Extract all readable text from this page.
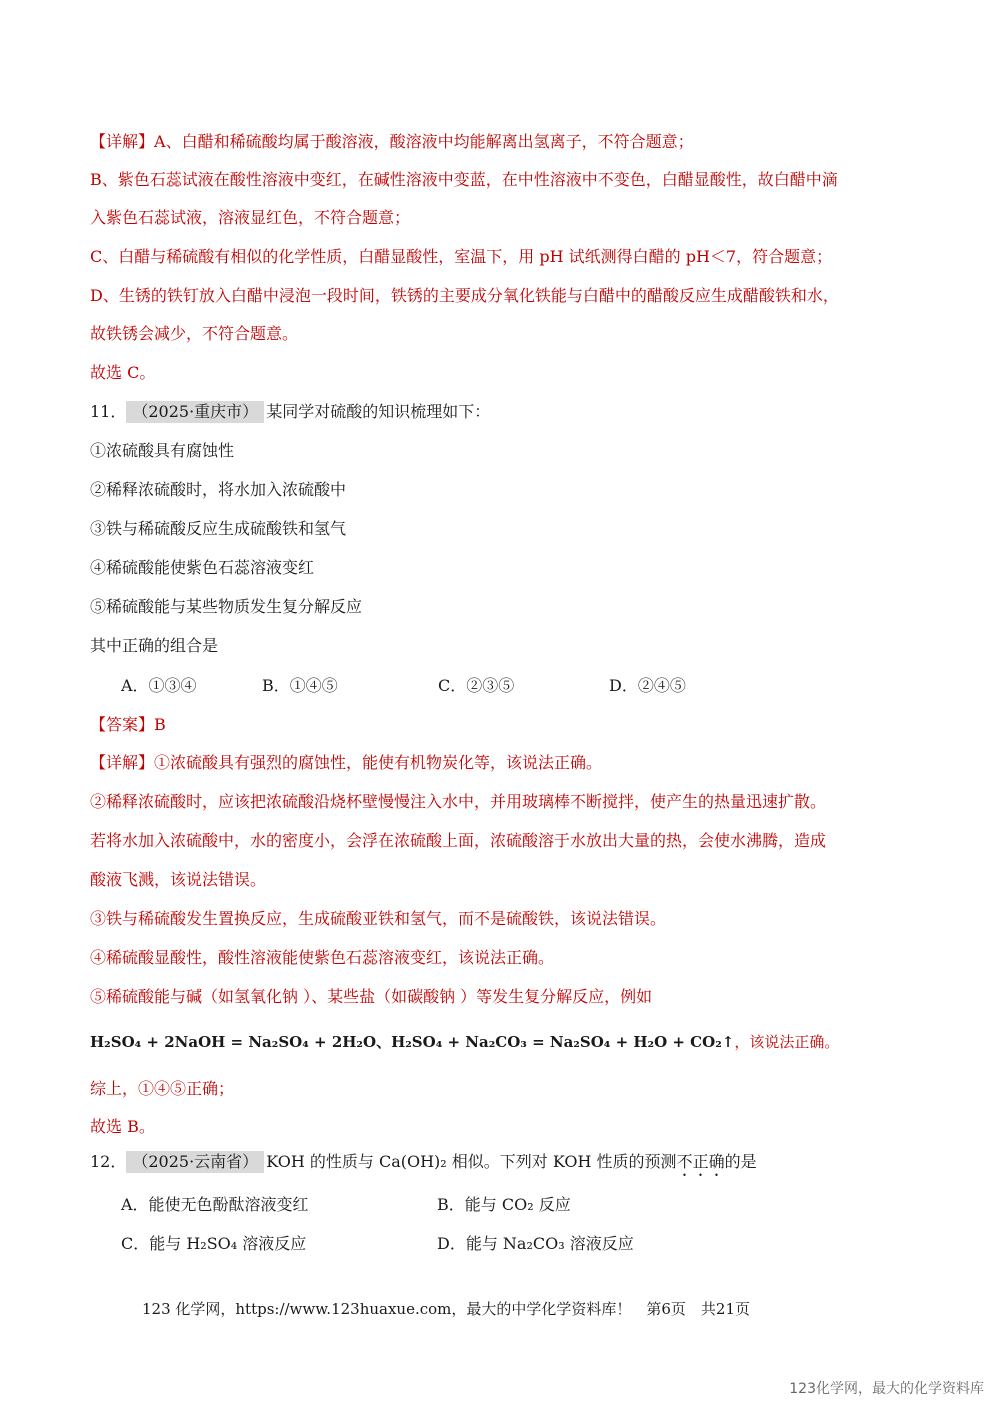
【详解】A、白醋和稀硫酸均属于酸溶液，酸溶液中均能解离出氢离子，不符合题意；
B、紫色石蕊试液在酸性溶液中变红，在碱性溶液中变蓝，在中性溶液中不变色，白醋显酸性，故白醋中滴
入紫色石蕊试液，溶液显红色，不符合题意；
C、白醋与稀硫酸有相似的化学性质，白醋显酸性，室温下，用 pH 试纸测得白醋的 pH＜7，符合题意；
D、生锈的铁钉放入白醋中浸泡一段时间，铁锈的主要成分氧化铁能与白醋中的醋酸反应生成醋酸铁和水，
故铁锈会减少，不符合题意。
故选 C。
11． （2025·重庆市） 某同学对硫酸的知识梳理如下：
①浓硫酸具有腐蚀性
②稀释浓硫酸时，将水加入浓硫酸中
③铁与稀硫酸反应生成硫酸铁和氢气
④稀硫酸能使紫色石蕊溶液变红
⑤稀硫酸能与某些物质发生复分解反应
其中正确的组合是
A．①③④	B．①④⑤	C．②③⑤	D．②④⑤
【答案】B
【详解】①浓硫酸具有强烈的腐蚀性，能使有机物炭化等，该说法正确。
②稀释浓硫酸时，应该把浓硫酸沿烧杯壁慢慢注入水中，并用玻璃棒不断搅拌，使产生的热量迅速扩散。
若将水加入浓硫酸中，水的密度小，会浮在浓硫酸上面，浓硫酸溶于水放出大量的热，会使水沸腾，造成
酸液飞溅，该说法错误。
③铁与稀硫酸发生置换反应，生成硫酸亚铁和氢气，而不是硫酸铁，该说法错误。
④稀硫酸显酸性，酸性溶液能使紫色石蕊溶液变红，该说法正确。
⑤稀硫酸能与碱（如氢氧化钠 ）、某些盐（如碳酸钠 ）等发生复分解反应，例如
H₂SO₄ + 2NaOH = Na₂SO₄ + 2H₂O、H₂SO₄ + Na₂CO₃ = Na₂SO₄ + H₂O + CO₂↑，该说法正确。
综上，①④⑤正确；
故选 B。
12． （2025·云南省） KOH 的性质与 Ca(OH)₂ 相似。下列对 KOH 性质的预测不正确的是
A．能使无色酚酞溶液变红	B．能与 CO₂ 反应
C．能与 H₂SO₄ 溶液反应	D．能与 Na₂CO₃ 溶液反应
123 化学网，https://www.123huaxue.com，最大的中学化学资料库！　第6页　共21页
123化学网，最大的化学资料库
